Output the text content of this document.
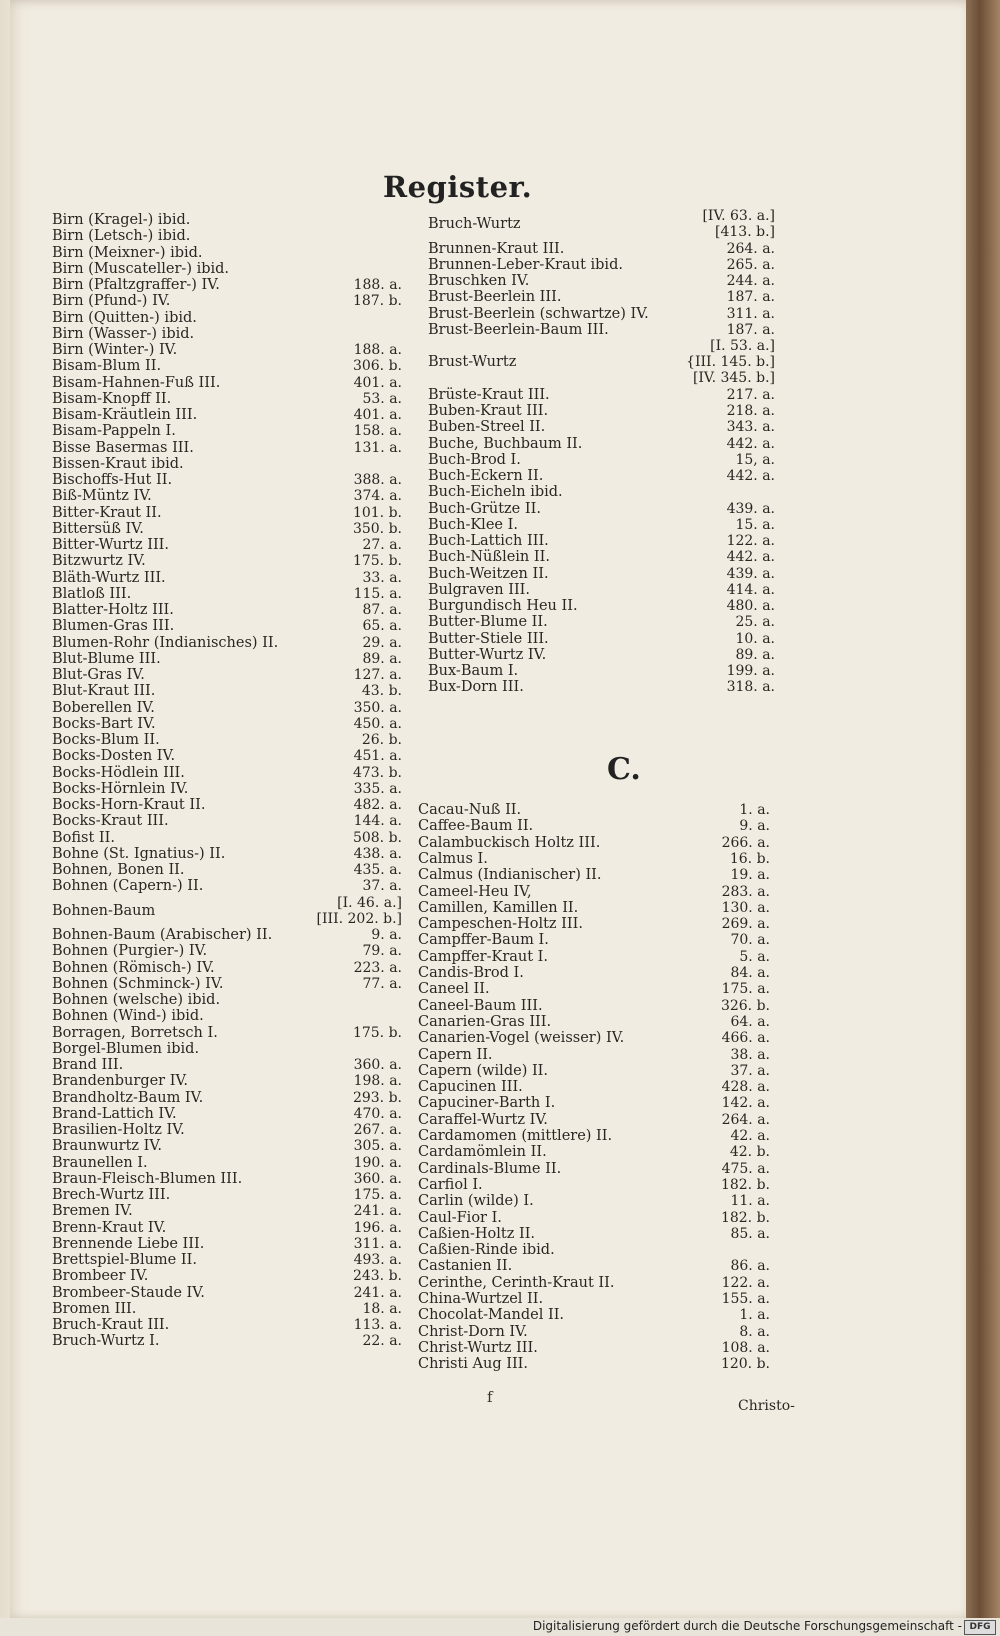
Register.
Birn (Kragel-) ibid.
Birn (Letsch-) ibid.
Birn (Meixner-) ibid.
Birn (Muscateller-) ibid.
Birn (Pfaltzgraffer-) IV.	188. a.
Birn (Pfund-) IV.	187. b.
Birn (Quitten-) ibid.
Birn (Wasser-) ibid.
Birn (Winter-) IV.	188. a.
Bisam-Blum II.	306. b.
Bisam-Hahnen-Fuß III.	401. a.
Bisam-Knopff II.	53. a.
Bisam-Kräutlein III.	401. a.
Bisam-Pappeln I.	158. a.
Bisse Basermas III.	131. a.
Bissen-Kraut ibid.
Bischoffs-Hut II.	388. a.
Biß-Müntz IV.	374. a.
Bitter-Kraut II.	101. b.
Bittersüß IV.	350. b.
Bitter-Wurtz III.	27. a.
Bitzwurtz IV.	175. b.
Bläth-Wurtz III.	33. a.
Blatloß III.	115. a.
Blatter-Holtz III.	87. a.
Blumen-Gras III.	65. a.
Blumen-Rohr (Indianisches) II.	29. a.
Blut-Blume III.	89. a.
Blut-Gras IV.	127. a.
Blut-Kraut III.	43. b.
Boberellen IV.	350. a.
Bocks-Bart IV.	450. a.
Bocks-Blum II.	26. b.
Bocks-Dosten IV.	451. a.
Bocks-Hödlein III.	473. b.
Bocks-Hörnlein IV.	335. a.
Bocks-Horn-Kraut II.	482. a.
Bocks-Kraut III.	144. a.
Bofist II.	508. b.
Bohne (St. Ignatius-) II.	438. a.
Bohnen, Bonen II.	435. a.
Bohnen (Capern-) II.	37. a.
Bohnen-Baum
[I. 46. a.]
[III. 202. b.]
Bohnen-Baum (Arabischer) II.	9. a.
Bohnen (Purgier-) IV.	79. a.
Bohnen (Römisch-) IV.	223. a.
Bohnen (Schminck-) IV.	77. a.
Bohnen (welsche) ibid.
Bohnen (Wind-) ibid.
Borragen, Borretsch I.	175. b.
Borgel-Blumen ibid.
Brand III.	360. a.
Brandenburger IV.	198. a.
Brandholtz-Baum IV.	293. b.
Brand-Lattich IV.	470. a.
Brasilien-Holtz IV.	267. a.
Braunwurtz IV.	305. a.
Braunellen I.	190. a.
Braun-Fleisch-Blumen III.	360. a.
Brech-Wurtz III.	175. a.
Bremen IV.	241. a.
Brenn-Kraut IV.	196. a.
Brennende Liebe III.	311. a.
Brettspiel-Blume II.	493. a.
Brombeer IV.	243. b.
Brombeer-Staude IV.	241. a.
Bromen III.	18. a.
Bruch-Kraut III.	113. a.
Bruch-Wurtz I.	22. a.
Bruch-Wurtz
[IV. 63. a.]
[413. b.]
Brunnen-Kraut III.	264. a.
Brunnen-Leber-Kraut ibid.	265. a.
Bruschken IV.	244. a.
Brust-Beerlein III.	187. a.
Brust-Beerlein (schwartze) IV.	311. a.
Brust-Beerlein-Baum III.	187. a.
Brust-Wurtz
[I. 53. a.]
{III. 145. b.]
[IV. 345. b.]
Brüste-Kraut III.	217. a.
Buben-Kraut III.	218. a.
Buben-Streel II.	343. a.
Buche, Buchbaum II.	442. a.
Buch-Brod I.	15, a.
Buch-Eckern II.	442. a.
Buch-Eicheln ibid.
Buch-Grütze II.	439. a.
Buch-Klee I.	15. a.
Buch-Lattich III.	122. a.
Buch-Nüßlein II.	442. a.
Buch-Weitzen II.	439. a.
Bulgraven III.	414. a.
Burgundisch Heu II.	480. a.
Butter-Blume II.	25. a.
Butter-Stiele III.	10. a.
Butter-Wurtz IV.	89. a.
Bux-Baum I.	199. a.
Bux-Dorn III.	318. a.
C.
Cacau-Nuß II.	1. a.
Caffee-Baum II.	9. a.
Calambuckisch Holtz III.	266. a.
Calmus I.	16. b.
Calmus (Indianischer) II.	19. a.
Cameel-Heu IV,	283. a.
Camillen, Kamillen II.	130. a.
Campeschen-Holtz III.	269. a.
Campffer-Baum I.	70. a.
Campffer-Kraut I.	5. a.
Candis-Brod I.	84. a.
Caneel II.	175. a.
Caneel-Baum III.	326. b.
Canarien-Gras III.	64. a.
Canarien-Vogel (weisser) IV.	466. a.
Capern II.	38. a.
Capern (wilde) II.	37. a.
Capucinen III.	428. a.
Capuciner-Barth I.	142. a.
Caraffel-Wurtz IV.	264. a.
Cardamomen (mittlere) II.	42. a.
Cardamömlein II.	42. b.
Cardinals-Blume II.	475. a.
Carfiol I.	182. b.
Carlin (wilde) I.	11. a.
Caul-Fior I.	182. b.
Caßien-Holtz II.	85. a.
Caßien-Rinde ibid.
Castanien II.	86. a.
Cerinthe, Cerinth-Kraut II.	122. a.
China-Wurtzel II.	155. a.
Chocolat-Mandel II.	1. a.
Christ-Dorn IV.	8. a.
Christ-Wurtz III.	108. a.
Christi Aug III.	120. b.
f	Christo-
Digitalisierung gefördert durch die Deutsche Forschungsgemeinschaft - DFG
